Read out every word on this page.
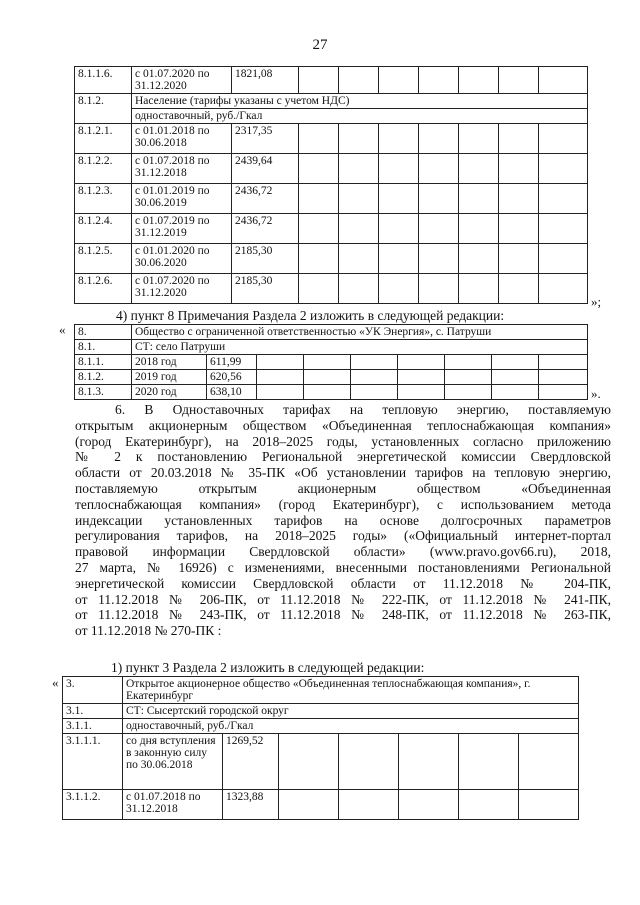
27
8.1.1.6.	с 01.07.2020 по 31.12.2020	1821,08							
8.1.2.	Население (тарифы указаны с учетом НДС)								
	одноставочный, руб./Гкал								
8.1.2.1.	с 01.01.2018 по 30.06.2018	2317,35							
8.1.2.2.	с 01.07.2018 по 31.12.2018	2439,64							
8.1.2.3.	с 01.01.2019 по 30.06.2019	2436,72							
8.1.2.4.	с 01.07.2019 по 31.12.2019	2436,72							
8.1.2.5.	с 01.01.2020 по 30.06.2020	2185,30							
8.1.2.6.	с 01.07.2020 по 31.12.2020	2185,30							
»;
4) пункт 8 Примечания Раздела 2 изложить в следующей редакции:
« 8.	Общество с ограниченной ответственностью «УК Энергия», с. Патруши								
8.1.	СТ: село Патруши								
8.1.1.	2018 год	611,99							
8.1.2.	2019 год	620,56							
8.1.3.	2020 год	638,10								».
6. В Одноставочных тарифах на тепловую энергию, поставляемую
открытым акционерным обществом «Объединенная теплоснабжающая компания»
(город Екатеринбург), на 2018–2025 годы, установленных согласно приложению
№ 2 к постановлению Региональной энергетической комиссии Свердловской
области от 20.03.2018 № 35-ПК «Об установлении тарифов на тепловую энергию,
поставляемую открытым акционерным обществом «Объединенная
теплоснабжающая компания» (город Екатеринбург), с использованием метода
индексации установленных тарифов на основе долгосрочных параметров
регулирования тарифов, на 2018–2025 годы» («Официальный интернет-портал
правовой информации Свердловской области» (www.pravo.gov66.ru), 2018,
27 марта, № 16926) с изменениями, внесенными постановлениями Региональной
энергетической комиссии Свердловской области от 11.12.2018 № 204-ПК,
от 11.12.2018 № 206-ПК, от 11.12.2018 № 222-ПК, от 11.12.2018 № 241-ПК,
от 11.12.2018 № 243-ПК, от 11.12.2018 № 248-ПК, от 11.12.2018 № 263-ПК,
от 11.12.2018 № 270-ПК :
1) пункт 3 Раздела 2 изложить в следующей редакции:
« 3.	Открытое акционерное общество «Объединенная теплоснабжающая компания», г. Екатеринбург						
3.1.	СТ: Сысертский городской округ						
3.1.1.	одноставочный, руб./Гкал						
3.1.1.1.	со дня вступления в законную силу по 30.06.2018	1269,52					
3.1.1.2.	с 01.07.2018 по 31.12.2018	1323,88					
